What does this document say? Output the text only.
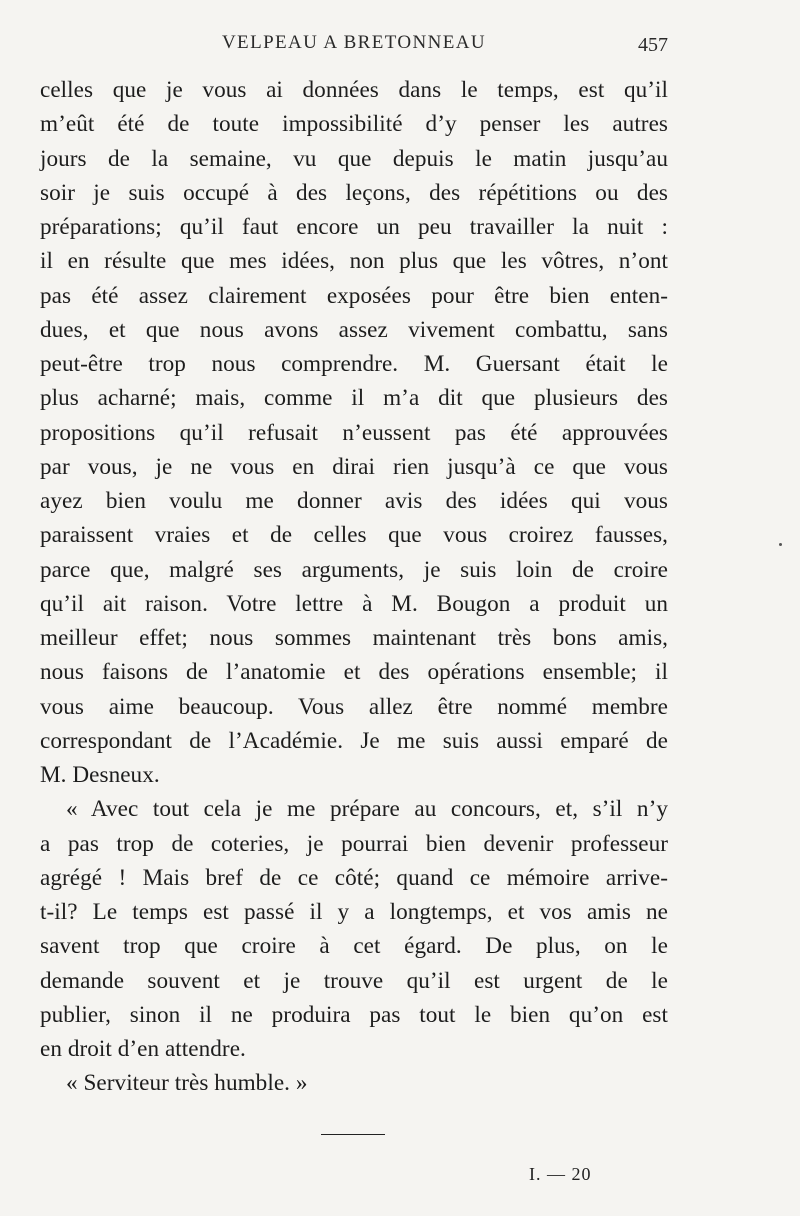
VELPEAU A BRETONNEAU	457
celles que je vous ai données dans le temps, est qu’il
m’eût été de toute impossibilité d’y penser les autres
jours de la semaine, vu que depuis le matin jusqu’au
soir je suis occupé à des leçons, des répétitions ou des
préparations; qu’il faut encore un peu travailler la nuit :
il en résulte que mes idées, non plus que les vôtres, n’ont
pas été assez clairement exposées pour être bien enten-
dues, et que nous avons assez vivement combattu, sans
peut-être trop nous comprendre. M. Guersant était le
plus acharné; mais, comme il m’a dit que plusieurs des
propositions qu’il refusait n’eussent pas été approuvées
par vous, je ne vous en dirai rien jusqu’à ce que vous
ayez bien voulu me donner avis des idées qui vous
paraissent vraies et de celles que vous croirez fausses,
parce que, malgré ses arguments, je suis loin de croire
qu’il ait raison. Votre lettre à M. Bougon a produit un
meilleur effet; nous sommes maintenant très bons amis,
nous faisons de l’anatomie et des opérations ensemble; il
vous aime beaucoup. Vous allez être nommé membre
correspondant de l’Académie. Je me suis aussi emparé de
M. Desneux.
« Avec tout cela je me prépare au concours, et, s’il n’y
a pas trop de coteries, je pourrai bien devenir professeur
agrégé ! Mais bref de ce côté; quand ce mémoire arrive-
t-il? Le temps est passé il y a longtemps, et vos amis ne
savent trop que croire à cet égard. De plus, on le
demande souvent et je trouve qu’il est urgent de le
publier, sinon il ne produira pas tout le bien qu’on est
en droit d’en attendre.
« Serviteur très humble. »
I. — 20
